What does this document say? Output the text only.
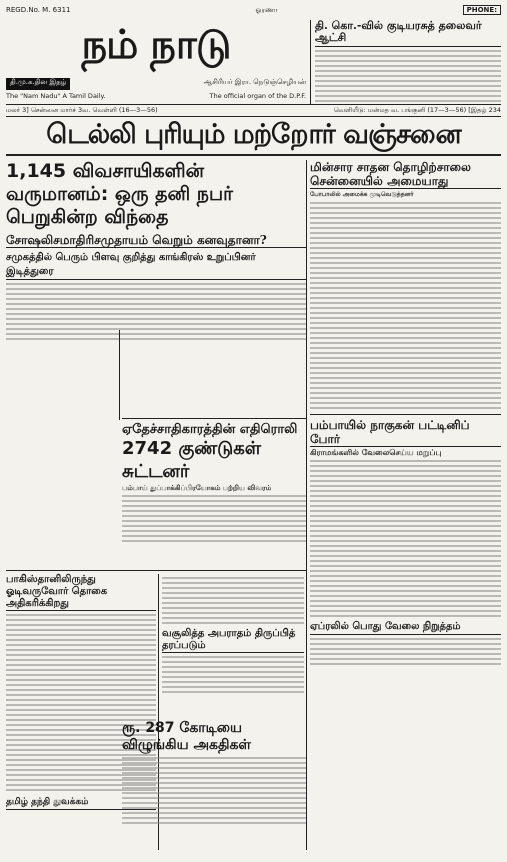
REGD.No. M. 6311	ஓரணா	PHONE:
நம் நாடு
தி.மு.க.தின இதழ்	ஆசிரியர் இரா. நெடுஞ்செழியன்
The "Nam Nadu" A Tamil Daily.	The official organ of the D.P.F.
தி. கொ.-வில் குடியரசுத் தலைவர் ஆட்சி
மலர் 3] சென்னை மார்ச் 3வ. வெள்ளி (16—3—56)	வெளியீடு: மன்மத வ. பங்குனி (17—3—56) [இதழ் 234
டெல்லி புரியும் மற்றோர் வஞ்சனை
1,145 விவசாயிகளின் வருமானம்: ஒரு தனி நபர் பெறுகின்ற விந்தை
சோஷலிசமாதிரிசமுதாயம் வெறும் கனவுதானா?
சமுகத்தில் பெரும் பிளவு குறித்து காங்கிரஸ் உறுப்பினர் இடித்துரை
மின்சார சாதன தொழிற்சாலை சென்னையில் அமையாது
போபாலில் அமைக்க முடிவெடுத்தனர்
பம்பாயில் நாகுகன் பட்டினிப் போர்
கிராமங்களில் வேலைசெய்ய மறுப்பு
ஏப்ரலில் பொது வேலை நிறுத்தம்
ஏதேச்சாதிகாரத்தின் எதிரொலி
2742 குண்டுகள் சுட்டனர்
பம்பாய் துப்பாக்கிப்பிரயோகம் பற்றிய விவரம்
பாகிஸ்தானிலிருந்து ஓடிவருவோர் தொகை அதிகரிக்கிறது
தமிழ் தந்தி துவக்கம்
வசூலித்த அபராதம் திருப்பித் தரப்படும்
ரூ. 287 கோடியை விழுங்கிய அகதிகள்
